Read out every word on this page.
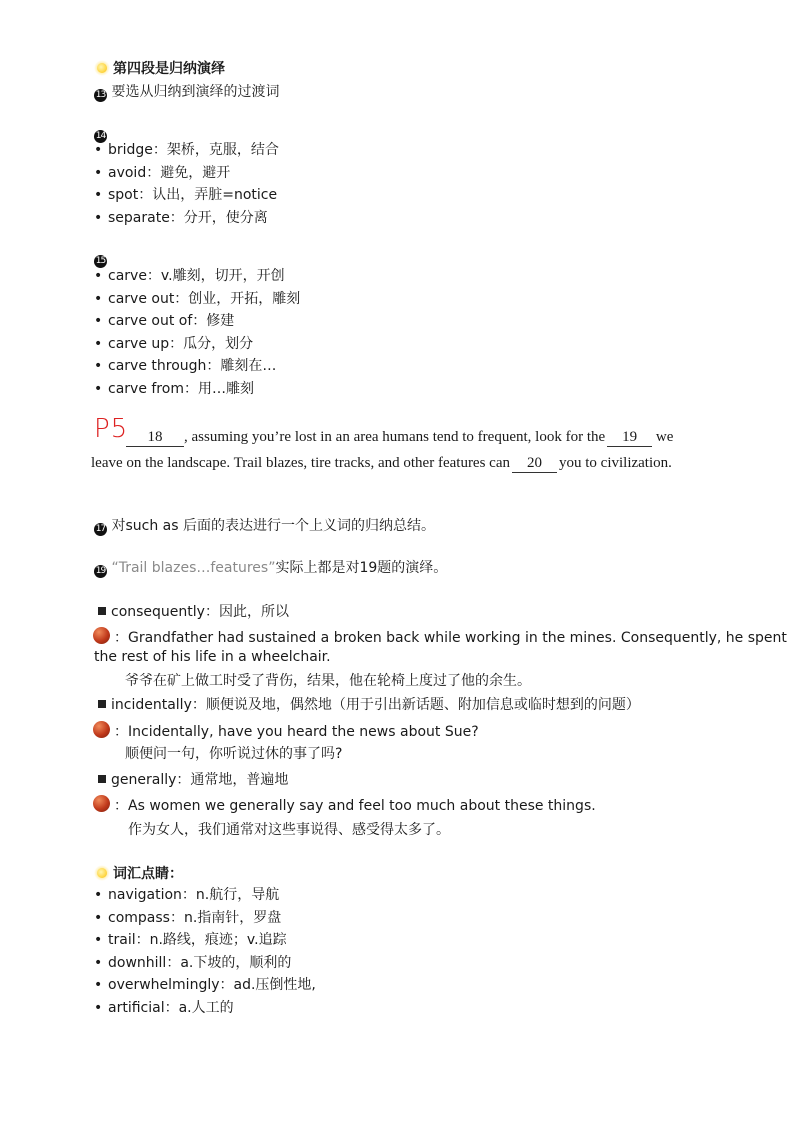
第四段是归纳演绎
13 要选从归纳到演绎的过渡词
14
• bridge：架桥，克服，结合
• avoid：避免，避开
• spot：认出，弄脏=notice
• separate：分开，使分离
15
• carve：v.雕刻，切开，开创
• carve out：创业，开拓，雕刻
• carve out of：修建
• carve up：瓜分，划分
• carve through：雕刻在…
• carve from：用…雕刻
P5	18 , assuming you’re lost in an area humans tend to frequent, look for the 19 we
leave on the landscape. Trail blazes, tire tracks, and other features can 20 you to civilization.
17 对such as 后面的表达进行一个上义词的归纳总结。
19 “Trail blazes…features”实际上都是对19题的演绎。
consequently：因此，所以
：Grandfather had sustained a broken back while working in the mines. Consequently, he spent
the rest of his life in a wheelchair.
爷爷在矿上做工时受了背伤，结果，他在轮椅上度过了他的余生。
incidentally：顺便说及地，偶然地（用于引出新话题、附加信息或临时想到的问题）
：Incidentally, have you heard the news about Sue?
顺便问一句，你听说过休的事了吗?
generally：通常地，普遍地
：As women we generally say and feel too much about these things.
作为女人，我们通常对这些事说得、感受得太多了。
词汇点睛：
• navigation：n.航行，导航
• compass：n.指南针，罗盘
• trail：n.路线，痕迹；v.追踪
• downhill：a.下坡的，顺利的
• overwhelmingly：ad.压倒性地,
• artificial：a.人工的
